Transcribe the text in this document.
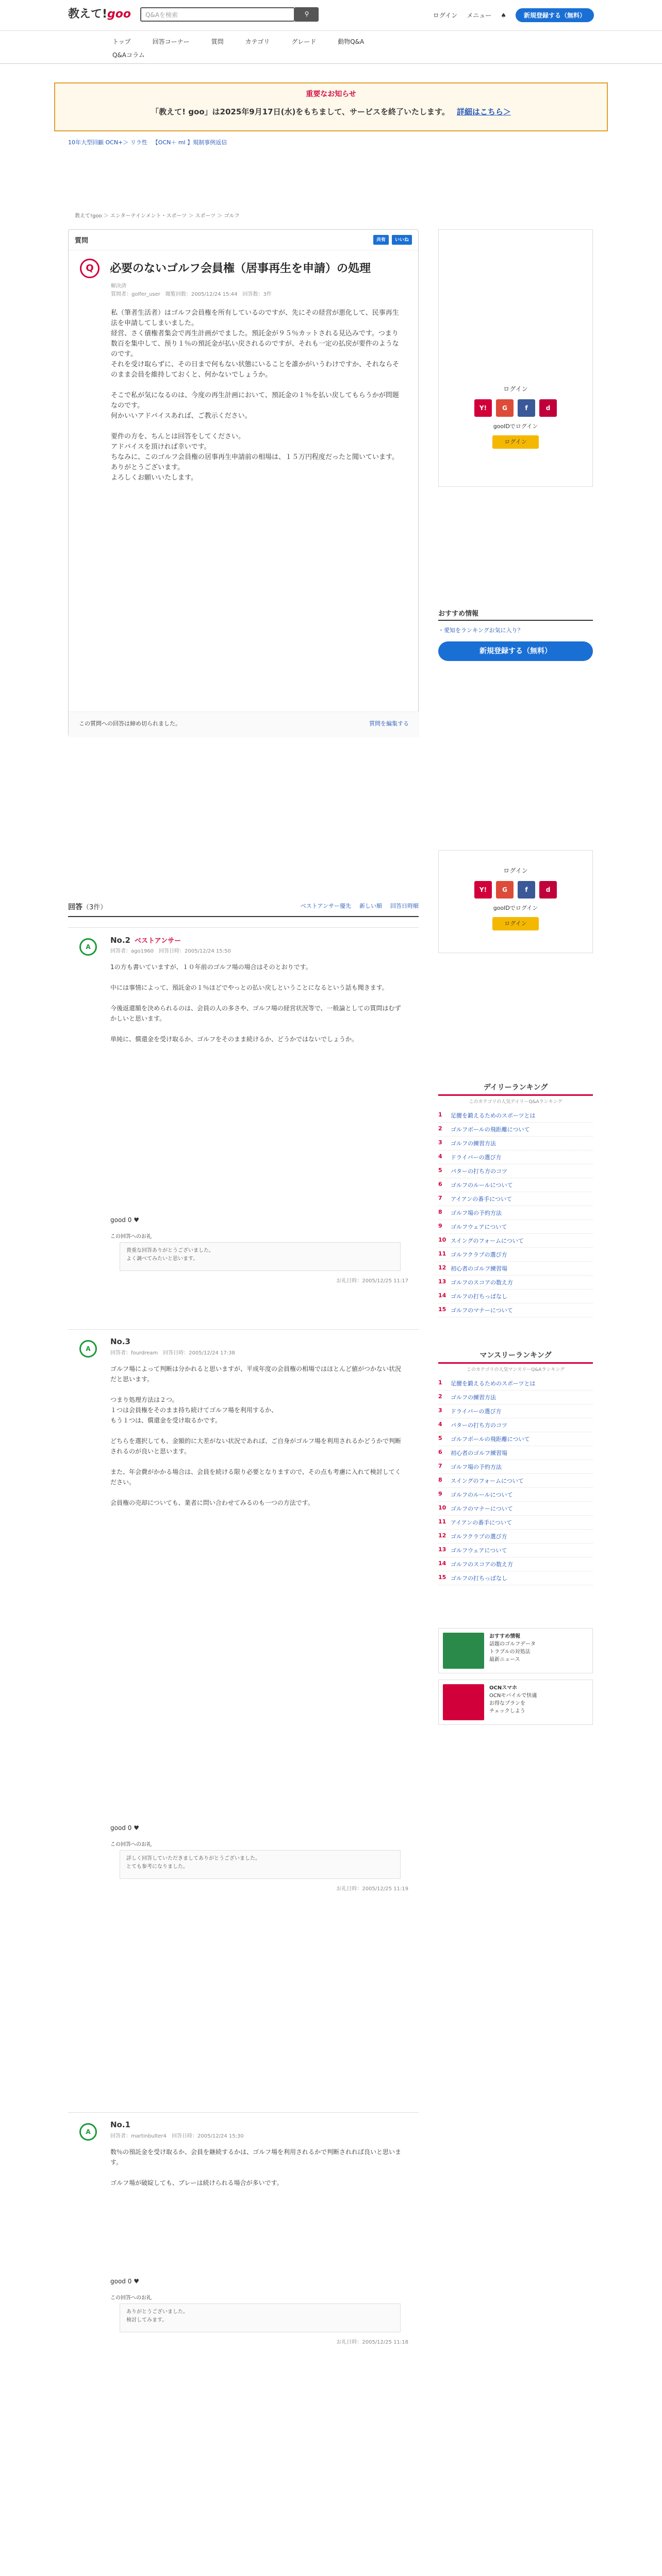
教えて!goo	Q&Aを検索	⚲	ログイン メニュー ♠	新規登録する（無料）
トップ	回答コーナー	質問	カテゴリ	グレード	動物Q&A
Q&Aコラム
重要なお知らせ
「教えて! goo」は2025年9月17日(水)をもちまして、サービスを終了いたします。 詳細はこちら＞
10年大型回顧 OCN+＞ リラ性 【OCN＋ ml 】規制事例返信
教えて!goo ＞ エンターテインメント・スポーツ ＞ スポーツ ＞ ゴルフ
質問	共有	いいね
Q	必要のないゴルフ会員権（居事再生を申請）の処理
解決済
質問者：golfer_user　閲覧回数：2005/12/24 15:44　回答数：3件
私（筆者生活者）はゴルフ会員権を所有しているのですが、先にその経営が悪化して、民事再生法を申請してしまいました。
経営、さく債権者集会で再生計画がでました。預託金が９５％カットされる見込みです。つまり数百を集中して、预り１％の預託金が払い戻されるのですが、それも一定の払戻が要件のようなのです。
それを受け取らずに、その日まで何もない状態にいることを誰かがいうわけですか、それならそのまま会員を維持しておくと、何かないでしょうか。

そこで私が気になるのは、今度の再生計画において、預託金の１％を払い戻してもらうかが問題なのです。
何かいいアドバイスあれば、ご教示ください。

要件の方を、ちんとは回答をしてください。
アドバイスを頂ければ幸いです。
ちなみに、このゴルフ会員権の居事再生申請前の相場は、１５万円程度だったと聞いています。
ありがとうございます。
よろしくお願いいたします。
この質問への回答は締め切られました。	質問を編集する
ログイン
Y!	G	f	d
gooIDでログイン
ログイン
おすすめ情報
・愛知をランキングお気に入り？
新規登録する（無料）
ログイン
Y!	G	f	d
gooIDでログイン
ログイン
回答（3件）	ベストアンサー優先 新しい順 回答日時順
A
No.2 ベストアンサー
回答者：ago1960　回答日時：2005/12/24 15:50
1の方も書いていますが、１０年前のゴルフ場の場合はそのとおりです。

中には事情によって、預託金の１％ほどでやっとの払い戻しということになるという話も聞きます。

今後返還額を決められるのは、会員の人の多さや、ゴルフ場の経営状況等で、一般論としての質問はむずかしいと思います。

単純に、償還金を受け取るか、ゴルフをそのまま続けるか、どうかではないでしょうか。
good 0 ♥
この回答へのお礼
貴重な回答ありがとうございました。
よく調べてみたいと思います。
お礼日時：2005/12/25 11:17
A
No.3
回答者：fourdream　回答日時：2005/12/24 17:38
ゴルフ場によって判断は分かれると思いますが、平成年度の会員権の相場ではほとんど値がつかない状況だと思います。

つまり処理方法は２つ。
１つは会員権をそのまま持ち続けてゴルフ場を利用するか、
もう１つは、償還金を受け取るかです。

どちらを選択しても、金額的に大差がない状況であれば、ご自身がゴルフ場を利用されるかどうかで判断されるのが良いと思います。

また、年会費がかかる場合は、会員を続ける限り必要となりますので、その点も考慮に入れて検討してください。

会員権の売却についても、業者に問い合わせてみるのも一つの方法です。
good 0 ♥
この回答へのお礼
詳しく回答していただきましてありがとうございました。
とても参考になりました。
お礼日時：2005/12/25 11:19
A
No.1
回答者：martinbulter4　回答日時：2005/12/24 15:30
数％の預託金を受け取るか、会員を継続するかは、ゴルフ場を利用されるかで判断されれば良いと思います。

ゴルフ場が破綻しても、プレーは続けられる場合が多いです。
good 0 ♥
この回答へのお礼
ありがとうございました。
検討してみます。
お礼日時：2005/12/25 11:18
デイリーランキング
このカテゴリの人気デイリーQ&Aランキング
1	足腰を鍛えるためのスポーツとは
2	ゴルフボールの飛距離について
3	ゴルフの練習方法
4	ドライバーの選び方
5	パターの打ち方のコツ
6	ゴルフのルールについて
7	アイアンの番手について
8	ゴルフ場の予約方法
9	ゴルフウェアについて
10 スイングのフォームについて
11 ゴルフクラブの選び方
12 初心者のゴルフ練習場
13 ゴルフのスコアの数え方
14 ゴルフの打ちっぱなし
15 ゴルフのマナーについて
マンスリーランキング
このカテゴリの人気マンスリーQ&Aランキング
1	足腰を鍛えるためのスポーツとは
2	ゴルフの練習方法
3	ドライバーの選び方
4	パターの打ち方のコツ
5	ゴルフボールの飛距離について
6	初心者のゴルフ練習場
7	ゴルフ場の予約方法
8	スイングのフォームについて
9	ゴルフのルールについて
10 ゴルフのマナーについて
11 アイアンの番手について
12 ゴルフクラブの選び方
13 ゴルフウェアについて
14 ゴルフのスコアの数え方
15 ゴルフの打ちっぱなし
おすすめ情報
話題のゴルフデータ
トラブルの対処法
最新ニュース
OCNスマホ
OCNモバイルで快適
お得なプランを
チェックしよう
